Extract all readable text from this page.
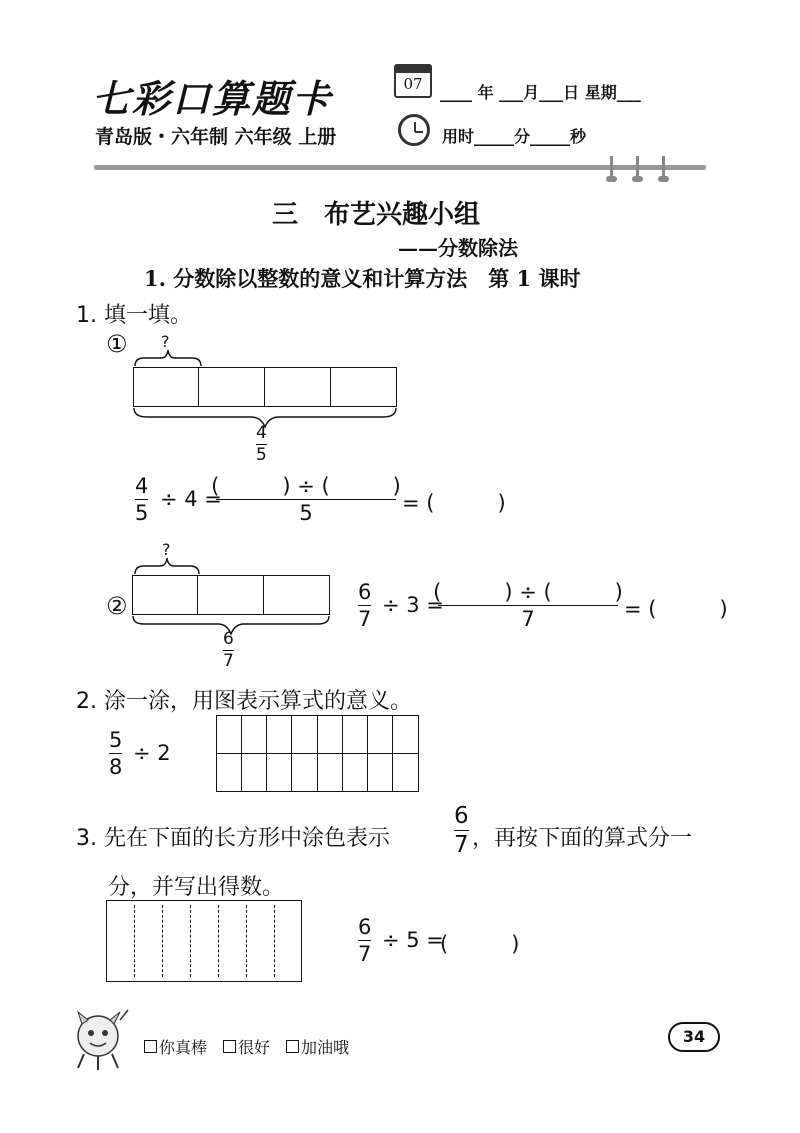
七彩口算题卡
青岛版・六年制 六年级 上册
07	____ 年 ___月___日 星期___
用时_____分_____秒
三　布艺兴趣小组
——分数除法
1. 分数除以整数的意义和计算方法　第 1 课时
1. 填一填。
① ?
4
5
4
5
÷ 4 =
(　　　) ÷ (　　　)
5	= (　　　)
?
②
6
7
6
7
÷ 3 =
(　　　) ÷ (　　　)
7	= (　　　)
2. 涂一涂，用图表示算式的意义。
5
8
÷ 2
3. 先在下面的长方形中涂色表示
6
7 ，再按下面的算式分一
分，并写出得数。
6
7
÷ 5 =
(　　　)
你真棒 很好 加油哦
34
